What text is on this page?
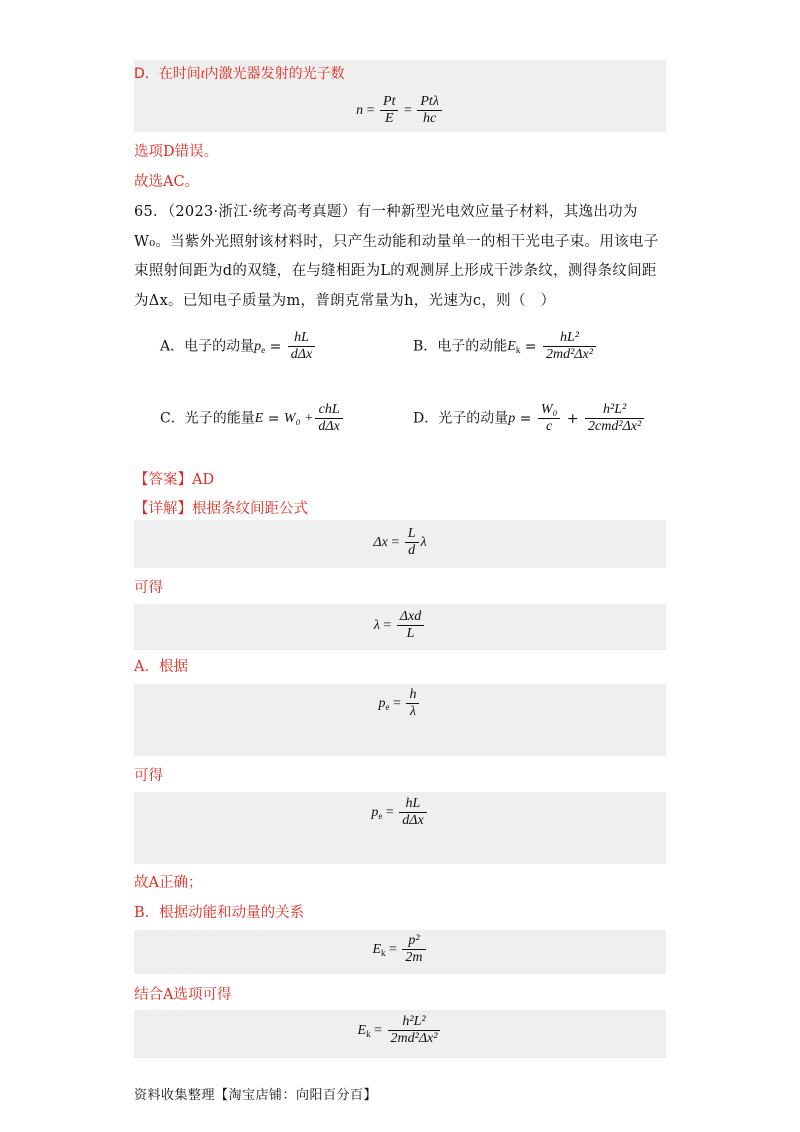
D．在时间t内激光器发射的光子数
$n = \frac{Pt}{E} = \frac{\text{Ptλ}}{hc}$
选项D错误。
故选AC。
65．（2023·浙江·统考高考真题）有一种新型光电效应量子材料，其逸出功为W₀。当紫外光照射该材料时，只产生动能和动量单一的相干光电子束。用该电子束照射间距为d的双缝，在与缝相距为L的观测屏上形成干涉条纹，测得条纹间距为Δx。已知电子质量为m，普朗克常量为h，光速为c，则（　）
A．电子的动量$p_e = \frac{hL}{\text{dΔx}}$	B．电子的动能$E_k = \frac{\text{hL²}}{\text{2md²Δx²}}$
C．光子的能量$E = W_0 + \frac{\text{chL}}{\text{dΔx}}$	D．光子的动量$p = \frac{\text{W₀}}{c} + \frac{\text{h²L²}}{\text{2cmd²Δx²}}$
【答案】AD
【详解】根据条纹间距公式
$\Delta x = \frac{L}{d}$ λ
可得
$\lambda = \frac{\text{Δxd}}{L}$
A．根据
$p_e = \frac{h}{\lambda}$
可得
$p_e = \frac{hL}{\text{dΔx}}$
故A正确；
B．根据动能和动量的关系
$E_k = \frac{\text{p²}}{2m}$
结合A选项可得
$E_k = \frac{\text{h²L²}}{\text{2md²Δx²}}$
资料收集整理【淘宝店铺：向阳百分百】
